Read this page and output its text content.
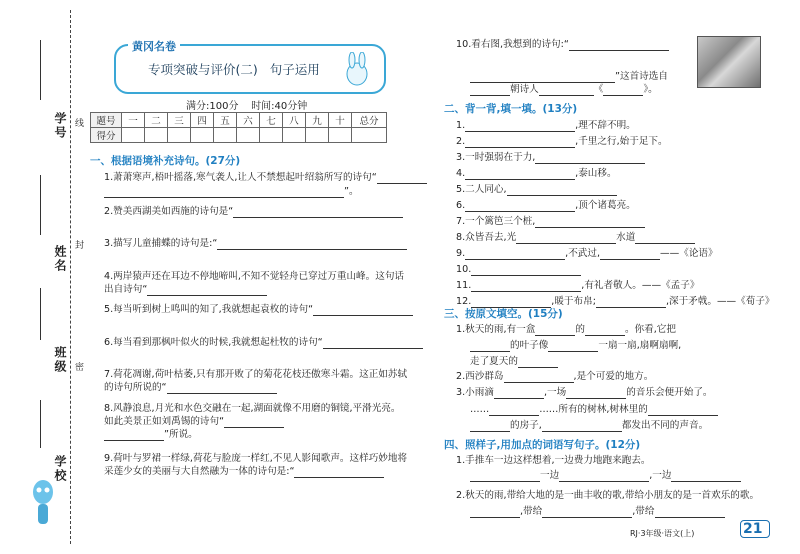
学号
姓名
班级
学校
线
封
密
黄冈名卷
专项突破与评价(二) 句子运用
满分:100分 时间:40分钟
题号	一	二	三	四	五	六	七	八	九	十	总分
得分											
一、根据语境补充诗句。(27分)
1.萧萧寒声,梧叶摇落,寒气袭人,让人不禁想起叶绍翁所写的诗句“
”。
2.赞美西湖美如西施的诗句是“
3.描写儿童捕蝶的诗句是:“
4.两岸猿声还在耳边不停地啼叫,不知不觉轻舟已穿过万重山峰。这句话出自诗句“
5.每当听到树上鸣叫的知了,我就想起袁枚的诗句“
6.每当看到那枫叶似火的时候,我就想起杜牧的诗句“
7.荷花凋谢,荷叶枯萎,只有那开败了的菊花花枝还傲寒斗霜。这正如苏轼的诗句所说的“
8.风静浪息,月光和水色交融在一起,湖面就像不用磨的铜镜,平滑光亮。如此美景正如刘禹锡的诗句“
”所说。
9.荷叶与罗裙一样绿,荷花与脸庞一样红,不见人影闻歌声。这样巧妙地将采莲少女的美丽与大自然融为一体的诗句是:“
10.看右图,我想到的诗句:“
”这首诗选自
朝诗人	《	》。
二、背一背,填一填。(13分)
1.	,理不辞不明。
2.	,千里之行,始于足下。
3.一时强弱在于力,
4.	,泰山移。
5.二人同心,
6.	,顶个诸葛亮。
7.一个篱笆三个桩,
8.众皆吾去,光	水道
9.	,不武过,	——《论语》
10.
11.	,有礼者敬人。——《孟子》
12.	,暖于布帛;	,深于矛戟。——《荀子》
三、按原文填空。(15分)
1.秋天的雨,有一盒	的	。你看,它把
的叶子像	一扇一扇,扇啊扇啊,
走了夏天的
2.西沙群岛	,是个可爱的地方。
3.小雨滴	,一场	的音乐会便开始了。
……	……所有的树林,树林里的
的房子,	都发出不同的声音。
四、照样子,用加点的词语写句子。(12分)
1.手推车一边这样想着,一边费力地跑来跑去。
一边	,一边
2.秋天的雨,带给大地的是一曲丰收的歌,带给小朋友的是一首欢乐的歌。
,带给	,带给
RJ·3年级·语文(上)	21
